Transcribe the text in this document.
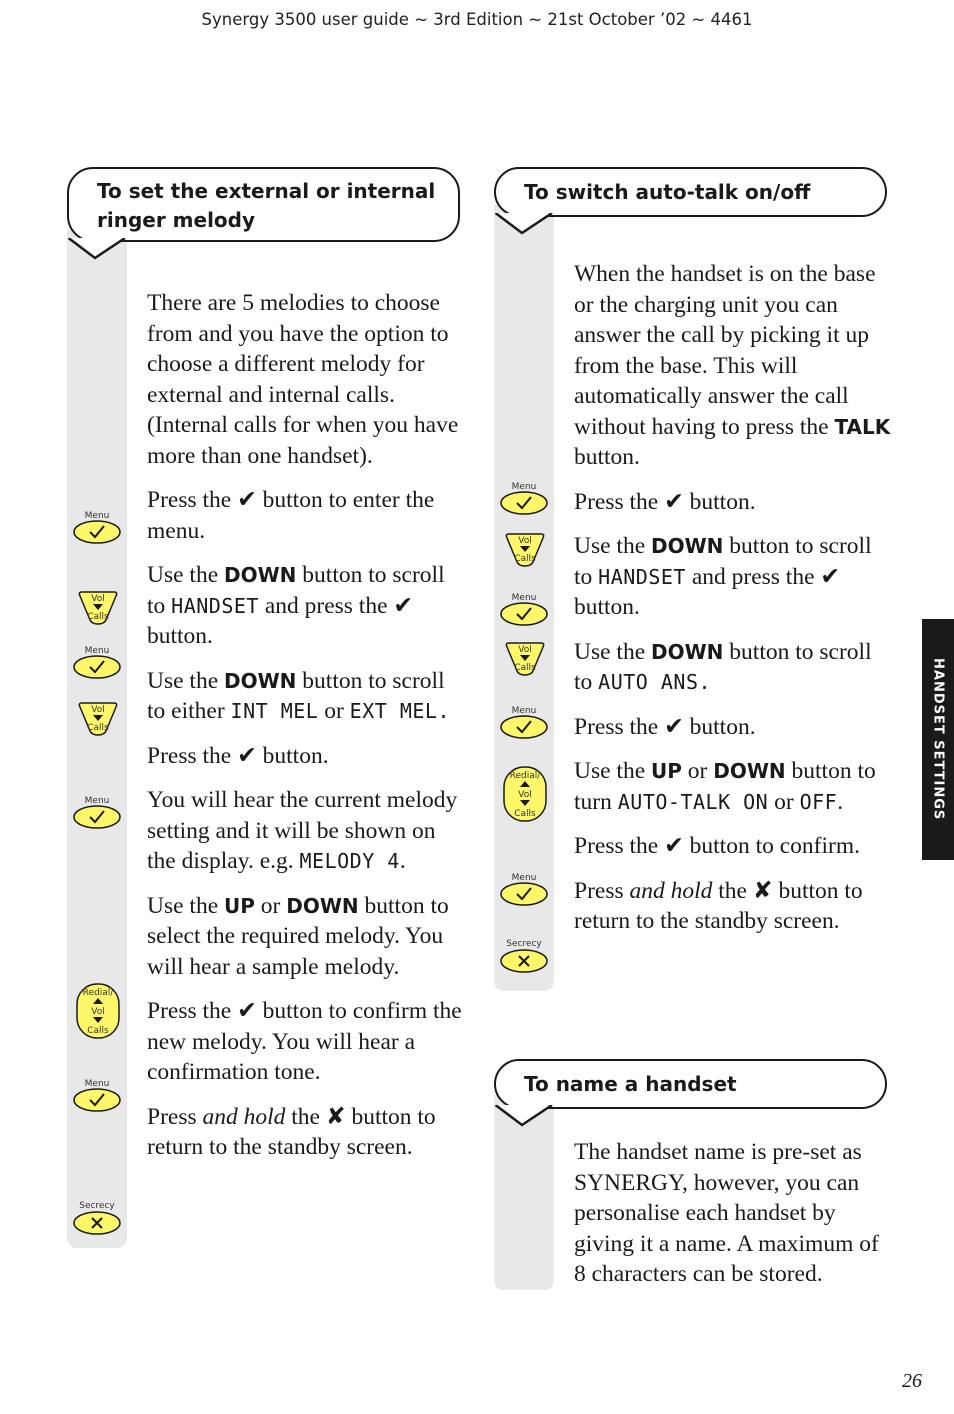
Synergy 3500 user guide ~ 3rd Edition ~ 21st October ’02 ~ 4461
To set the external or internal
ringer melody

There are 5 melodies to choose from and you have the option to choose a different melody for external and internal calls. (Internal calls for when you have more than one handset).

Press the ✔ button to enter the menu.

Use the DOWN button to scroll to HANDSET and press the ✔ button.

Use the DOWN button to scroll to either INT MEL or EXT MEL.

Press the ✔ button.

You will hear the current melody setting and it will be shown on the display. e.g. MELODY 4.

Use the UP or DOWN button to select the required melody. You will hear a sample melody.

Press the ✔ button to confirm the new melody. You will hear a confirmation tone.

Press and hold the ✘ button to return to the standby screen.

To switch auto-talk on/off

When the handset is on the base or the charging unit you can answer the call by picking it up from the base. This will automatically answer the call without having to press the TALK button.

Press the ✔ button.

Use the DOWN button to scroll to HANDSET and press the ✔ button.

Use the DOWN button to scroll to AUTO ANS.

Press the ✔ button.

Use the UP or DOWN button to turn AUTO-TALK ON or OFF.

Press the ✔ button to confirm.

Press and hold the ✘ button to return to the standby screen.

To name a handset

The handset name is pre-set as SYNERGY, however, you can personalise each handset by giving it a name. A maximum of 8 characters can be stored.

Menu
Vol
Calls
Menu
Vol
Calls
Menu
Redial/
Vol
Calls
Menu
Secrecy
Menu
Vol
Calls
Menu
Vol
Calls
Menu
Redial/
Vol
Calls
Menu
Secrecy
HANDSET SETTINGS
26
